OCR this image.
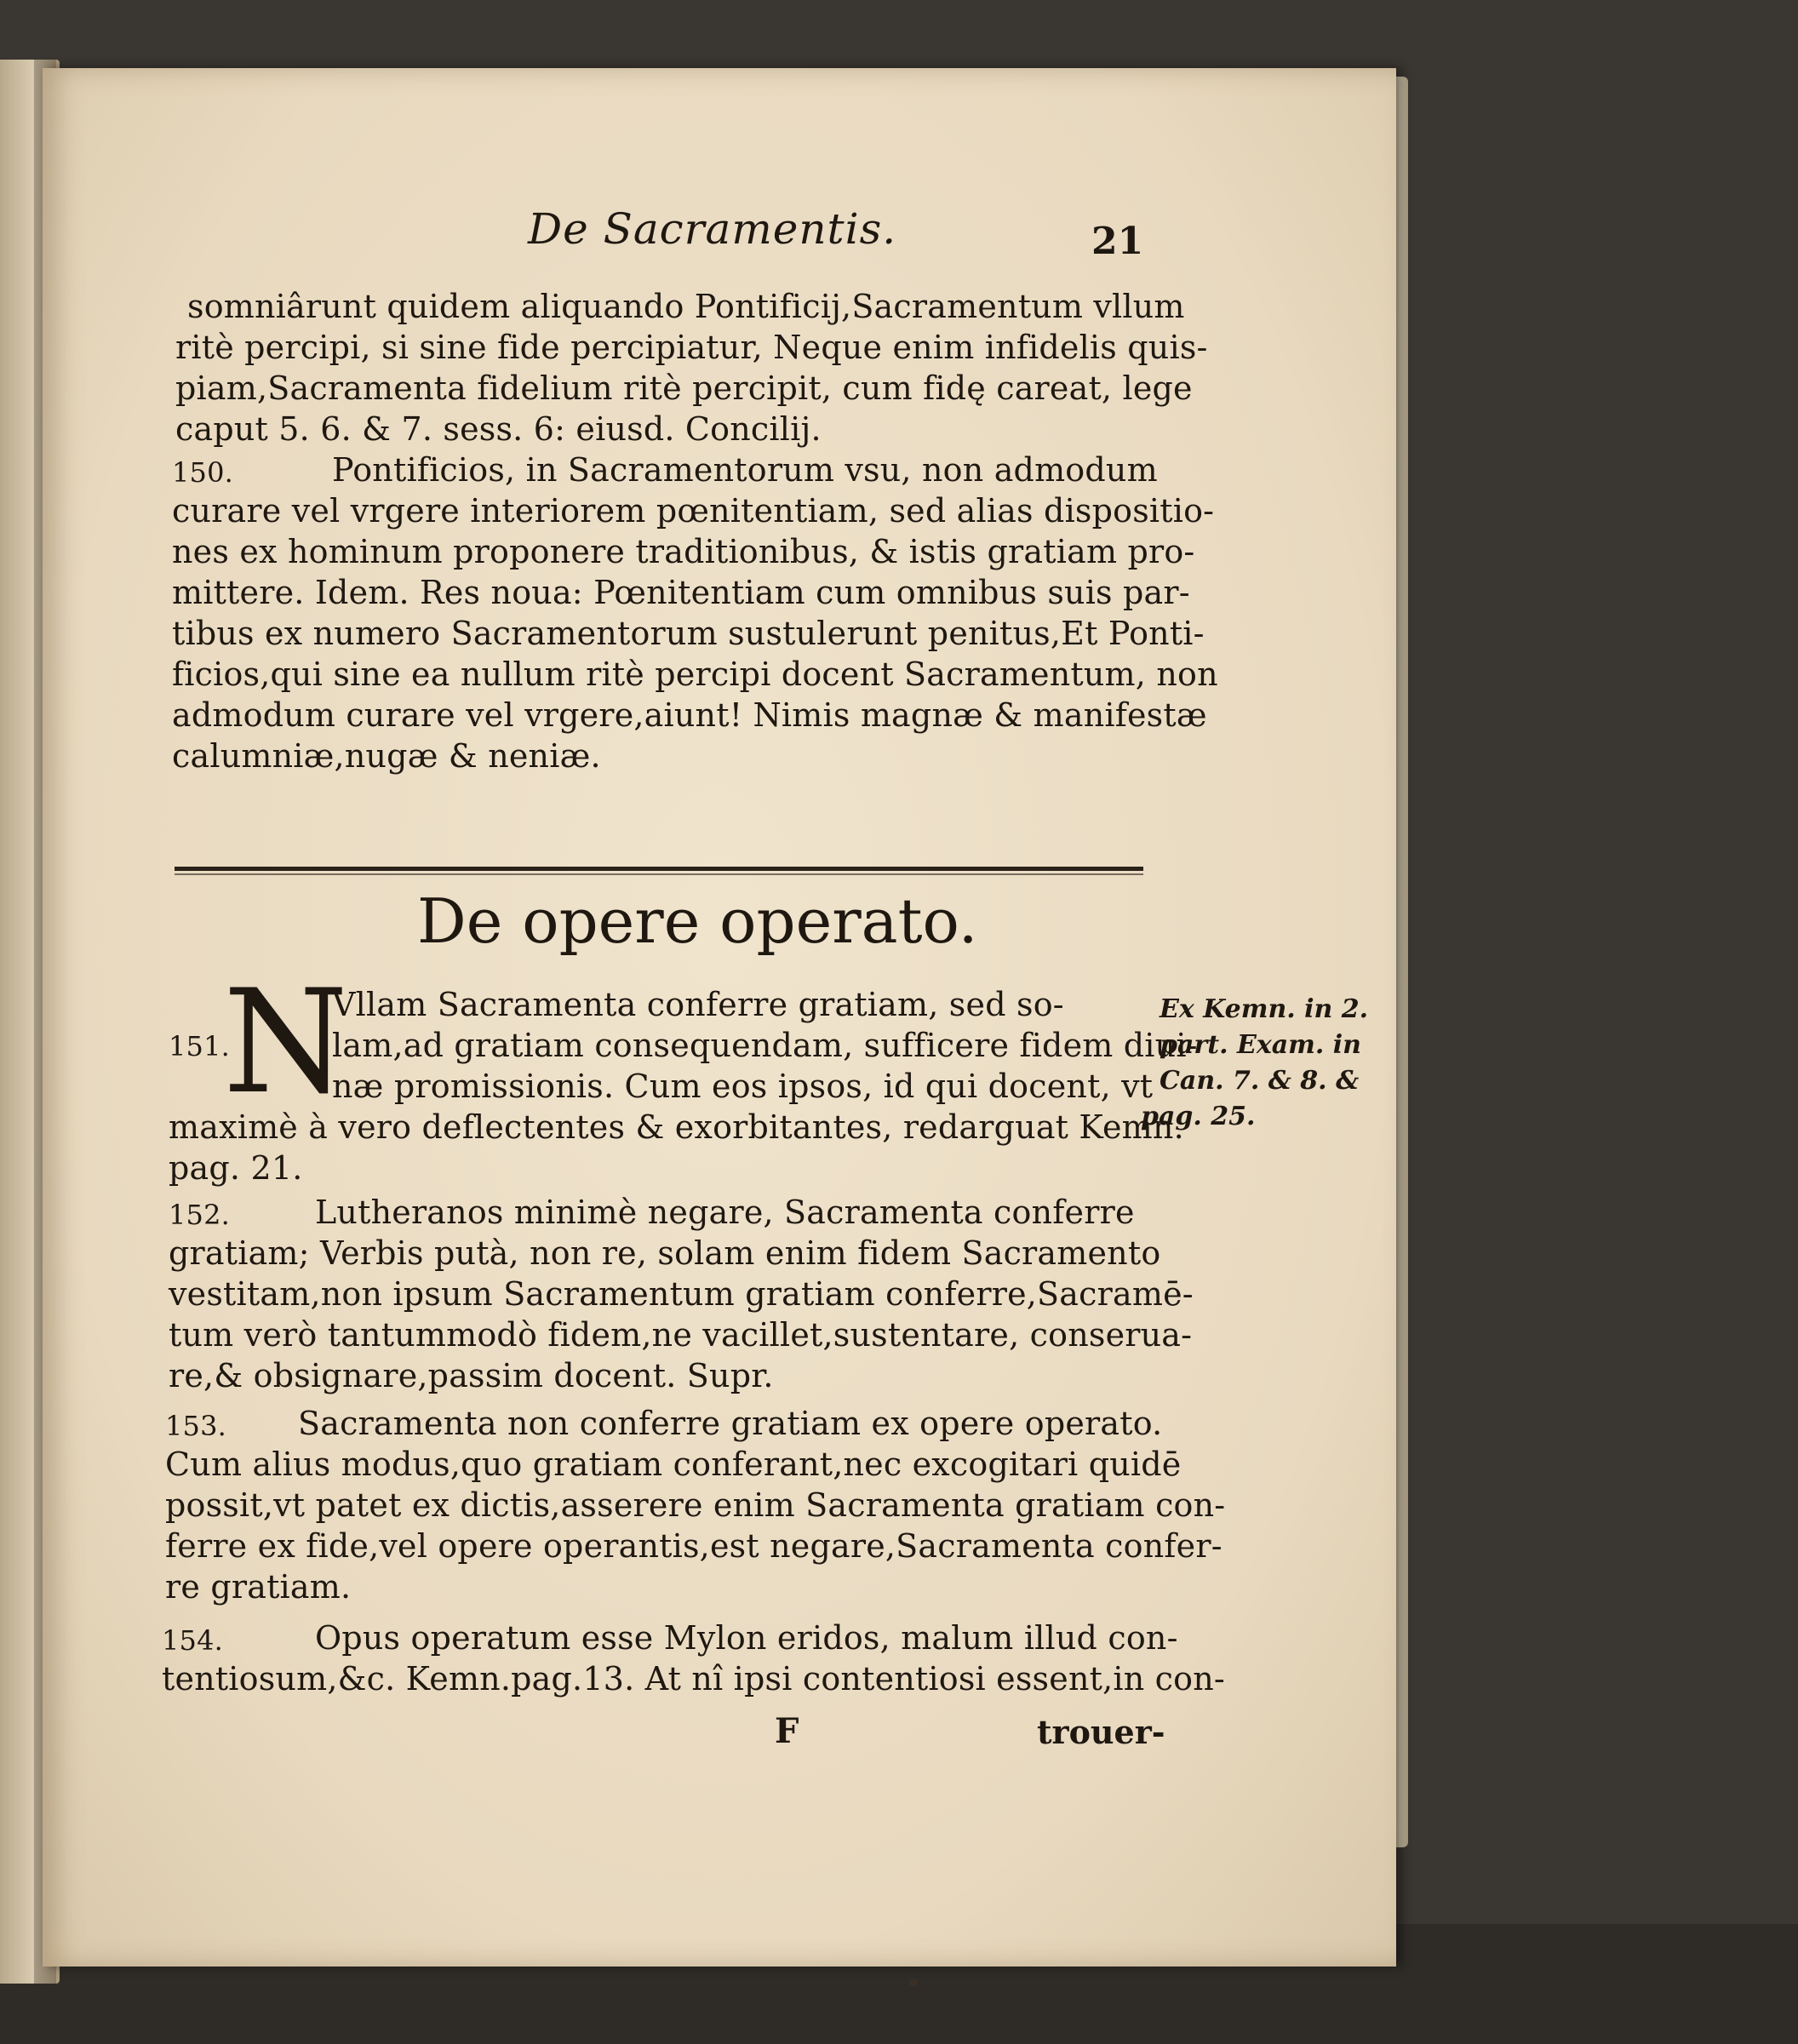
De Sacramentis.	21
somniârunt quidem aliquando Pontificij,Sacramentum vllum
ritè percipi, si sine fide percipiatur, Neque enim infidelis quis-
piam,Sacramenta fidelium ritè percipit, cum fidę careat, lege
caput 5. 6. & 7. sess. 6: eiusd. Concilij.
150.	Pontificios, in Sacramentorum vsu, non admodum
curare vel vrgere interiorem pœnitentiam, sed alias dispositio-
nes ex hominum proponere traditionibus, & istis gratiam pro-
mittere. Idem. Res noua: Pœnitentiam cum omnibus suis par-
tibus ex numero Sacramentorum sustulerunt penitus,Et Ponti-
ficios,qui sine ea nullum ritè percipi docent Sacramentum, non
admodum curare vel vrgere,aiunt! Nimis magnæ & manifestæ
calumniæ,nugæ & neniæ.
De opere operato.
N
Vllam Sacramenta conferre gratiam, sed so-
151.	lam,ad gratiam consequendam, sufficere fidem diui-
næ promissionis. Cum eos ipsos, id qui docent, vt
maximè à vero deflectentes & exorbitantes, redarguat Kemn.
pag. 21.
Ex Kemn. in 2.
part. Exam. in
Can. 7. & 8. &
pag. 25.
152.	Lutheranos minimè negare, Sacramenta conferre
gratiam; Verbis putà, non re, solam enim fidem Sacramento
vestitam,non ipsum Sacramentum gratiam conferre,Sacramē-
tum verò tantummodò fidem,ne vacillet,sustentare, conserua-
re,& obsignare,passim docent. Supr.
153. Sacramenta non conferre gratiam ex opere operato.
Cum alius modus,quo gratiam conferant,nec excogitari quidē
possit,vt patet ex dictis,asserere enim Sacramenta gratiam con-
ferre ex fide,vel opere operantis,est negare,Sacramenta confer-
re gratiam.
154.	Opus operatum esse Mylon eridos, malum illud con-
tentiosum,&c. Kemn.pag.13. At nî ipsi contentiosi essent,in con-
F	trouer-
